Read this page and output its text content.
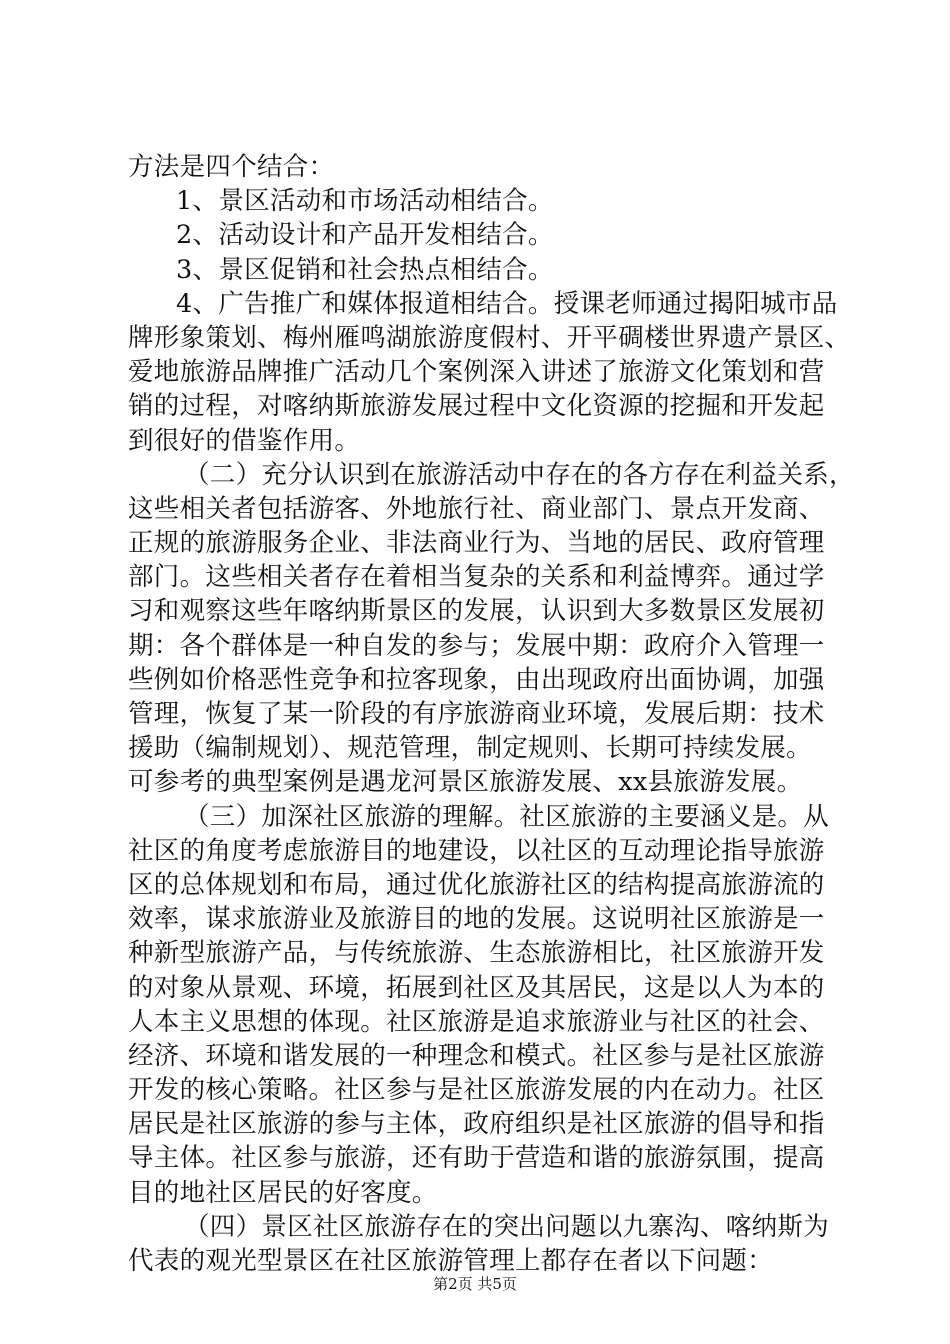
方法是四个结合：
1、景区活动和市场活动相结合。
2、活动设计和产品开发相结合。
3、景区促销和社会热点相结合。
4、广告推广和媒体报道相结合。授课老师通过揭阳城市品
牌形象策划、梅州雁鸣湖旅游度假村、开平碉楼世界遗产景区、
爱地旅游品牌推广活动几个案例深入讲述了旅游文化策划和营
销的过程，对喀纳斯旅游发展过程中文化资源的挖掘和开发起
到很好的借鉴作用。
（二）充分认识到在旅游活动中存在的各方存在利益关系，
这些相关者包括游客、外地旅行社、商业部门、景点开发商、
正规的旅游服务企业、非法商业行为、当地的居民、政府管理
部门。这些相关者存在着相当复杂的关系和利益博弈。通过学
习和观察这些年喀纳斯景区的发展，认识到大多数景区发展初
期：各个群体是一种自发的参与；发展中期：政府介入管理一
些例如价格恶性竞争和拉客现象，由出现政府出面协调，加强
管理，恢复了某一阶段的有序旅游商业环境，发展后期：技术
援助（编制规划）、规范管理，制定规则、长期可持续发展。
可参考的典型案例是遇龙河景区旅游发展、xx县旅游发展。
（三）加深社区旅游的理解。社区旅游的主要涵义是。从
社区的角度考虑旅游目的地建设，以社区的互动理论指导旅游
区的总体规划和布局，通过优化旅游社区的结构提高旅游流的
效率，谋求旅游业及旅游目的地的发展。这说明社区旅游是一
种新型旅游产品，与传统旅游、生态旅游相比，社区旅游开发
的对象从景观、环境，拓展到社区及其居民，这是以人为本的
人本主义思想的体现。社区旅游是追求旅游业与社区的社会、
经济、环境和谐发展的一种理念和模式。社区参与是社区旅游
开发的核心策略。社区参与是社区旅游发展的内在动力。社区
居民是社区旅游的参与主体，政府组织是社区旅游的倡导和指
导主体。社区参与旅游，还有助于营造和谐的旅游氛围，提高
目的地社区居民的好客度。
（四）景区社区旅游存在的突出问题以九寨沟、喀纳斯为
代表的观光型景区在社区旅游管理上都存在者以下问题：
第2页 共5页
